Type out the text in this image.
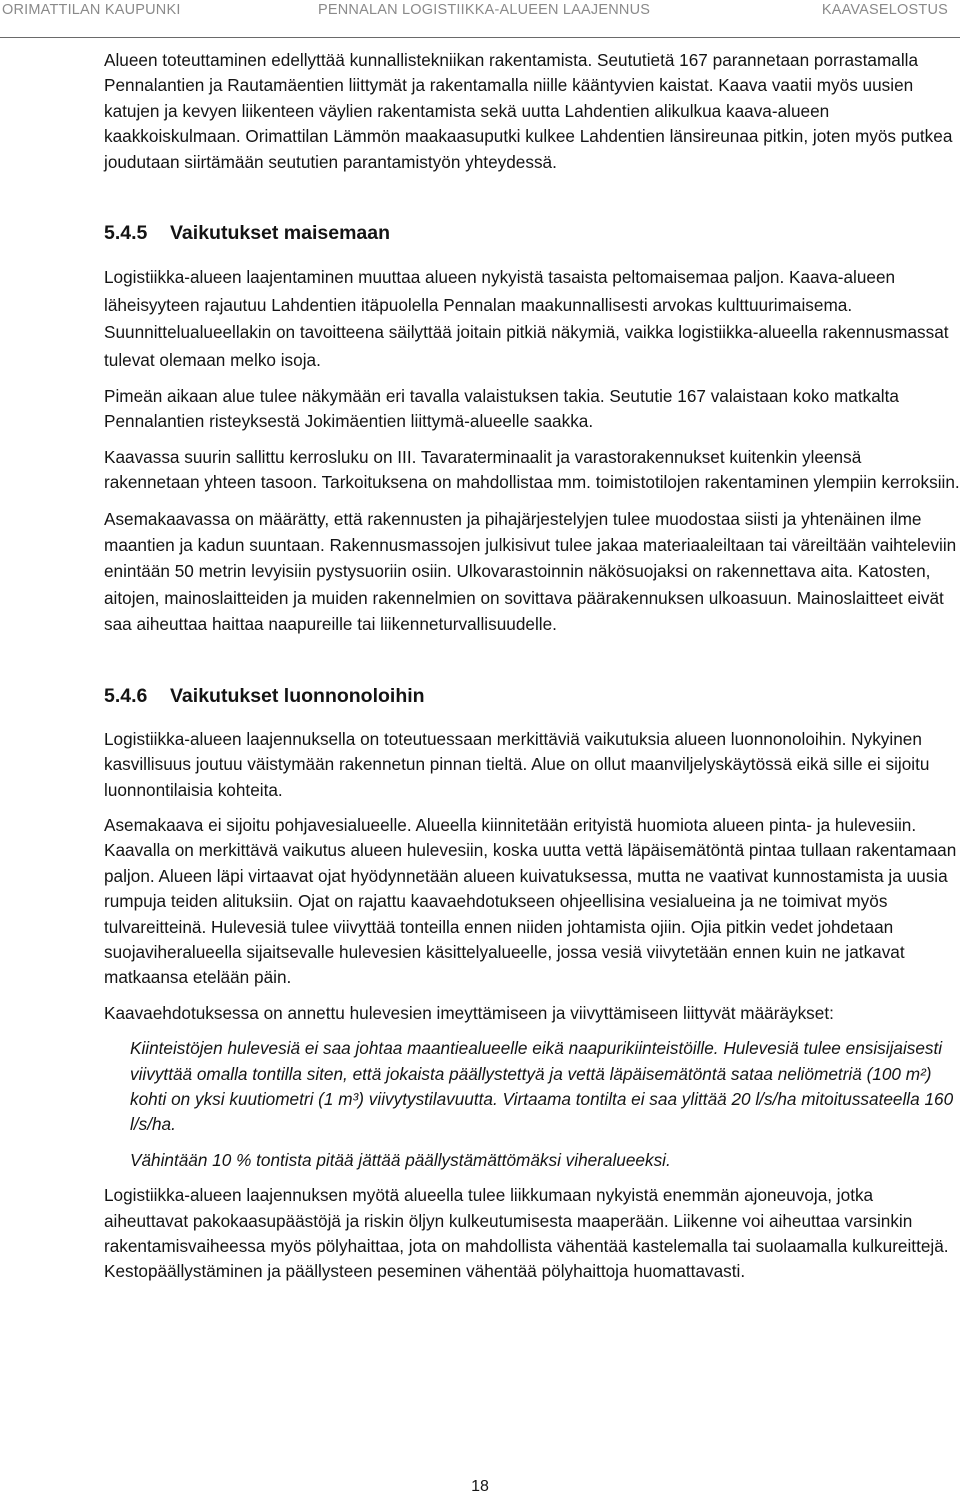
ORIMATTILAN KAUPUNKI	PENNALAN LOGISTIIKKA-ALUEEN LAAJENNUS	KAAVASELOSTUS

Alueen toteuttaminen edellyttää kunnallistekniikan rakentamista. Seututietä 167 parannetaan porrastamalla Pennalantien ja Rautamäentien liittymät ja rakentamalla niille kääntyvien kaistat. Kaava vaatii myös uusien katujen ja kevyen liikenteen väylien rakentamista sekä uutta Lahdentien alikulkua kaava-alueen kaakkoiskulmaan. Orimattilan Lämmön maakaasuputki kulkee Lahdentien länsireunaa pitkin, joten myös putkea joudutaan siirtämään seututien parantamistyön yhteydessä.

5.4.5 Vaikutukset maisemaan

Logistiikka-alueen laajentaminen muuttaa alueen nykyistä tasaista peltomaisemaa paljon. Kaava-alueen läheisyyteen rajautuu Lahdentien itäpuolella Pennalan maakunnallisesti arvokas kulttuurimaisema. Suunnittelualueellakin on tavoitteena säilyttää joitain pitkiä näkymiä, vaikka logistiikka-alueella rakennusmassat tulevat olemaan melko isoja.

Pimeän aikaan alue tulee näkymään eri tavalla valaistuksen takia. Seututie 167 valaistaan koko matkalta Pennalantien risteyksestä Jokimäentien liittymä-alueelle saakka.

Kaavassa suurin sallittu kerrosluku on III. Tavaraterminaalit ja varastorakennukset kuitenkin yleensä rakennetaan yhteen tasoon. Tarkoituksena on mahdollistaa mm. toimistotilojen rakentaminen ylempiin kerroksiin.

Asemakaavassa on määrätty, että rakennusten ja pihajärjestelyjen tulee muodostaa siisti ja yhtenäinen ilme maantien ja kadun suuntaan. Rakennusmassojen julkisivut tulee jakaa materiaaleiltaan tai väreiltään vaihteleviin enintään 50 metrin levyisiin pystysuoriin osiin. Ulkovarastoinnin näkösuojaksi on rakennettava aita. Katosten, aitojen, mainoslaitteiden ja muiden rakennelmien on sovittava päärakennuksen ulkoasuun. Mainoslaitteet eivät saa aiheuttaa haittaa naapureille tai liikenneturvallisuudelle.

5.4.6 Vaikutukset luonnonoloihin

Logistiikka-alueen laajennuksella on toteutuessaan merkittäviä vaikutuksia alueen luonnonoloihin. Nykyinen kasvillisuus joutuu väistymään rakennetun pinnan tieltä. Alue on ollut maanviljelyskäytössä eikä sille ei sijoitu luonnontilaisia kohteita.

Asemakaava ei sijoitu pohjavesialueelle. Alueella kiinnitetään erityistä huomiota alueen pinta- ja hulevesiin. Kaavalla on merkittävä vaikutus alueen hulevesiin, koska uutta vettä läpäisemätöntä pintaa tullaan rakentamaan paljon. Alueen läpi virtaavat ojat hyödynnetään alueen kuivatuksessa, mutta ne vaativat kunnostamista ja uusia rumpuja teiden alituksiin. Ojat on rajattu kaavaehdotukseen ohjeellisina vesialueina ja ne toimivat myös tulvareitteinä. Hulevesiä tulee viivyttää tonteilla ennen niiden johtamista ojiin. Ojia pitkin vedet johdetaan suojaviheralueella sijaitsevalle hulevesien käsittelyalueelle, jossa vesiä viivytetään ennen kuin ne jatkavat matkaansa etelään päin.

Kaavaehdotuksessa on annettu hulevesien imeyttämiseen ja viivyttämiseen liittyvät määräykset:

Kiinteistöjen hulevesiä ei saa johtaa maantiealueelle eikä naapurikiinteistöille. Hulevesiä tulee ensisijaisesti viivyttää omalla tontilla siten, että jokaista päällystettyä ja vettä läpäisemätöntä sataa neliömetriä (100 m²) kohti on yksi kuutiometri (1 m³) viivytystilavuutta. Virtaama tontilta ei saa ylittää 20 l/s/ha mitoitussateella 160 l/s/ha.

Vähintään 10 % tontista pitää jättää päällystämättömäksi viheralueeksi.

Logistiikka-alueen laajennuksen myötä alueella tulee liikkumaan nykyistä enemmän ajoneuvoja, jotka aiheuttavat pakokaasupäästöjä ja riskin öljyn kulkeutumisesta maaperään. Liikenne voi aiheuttaa varsinkin rakentamisvaiheessa myös pölyhaittaa, jota on mahdollista vähentää kastelemalla tai suolaamalla kulkureittejä. Kestopäällystäminen ja päällysteen peseminen vähentää pölyhaittoja huomattavasti.

18
